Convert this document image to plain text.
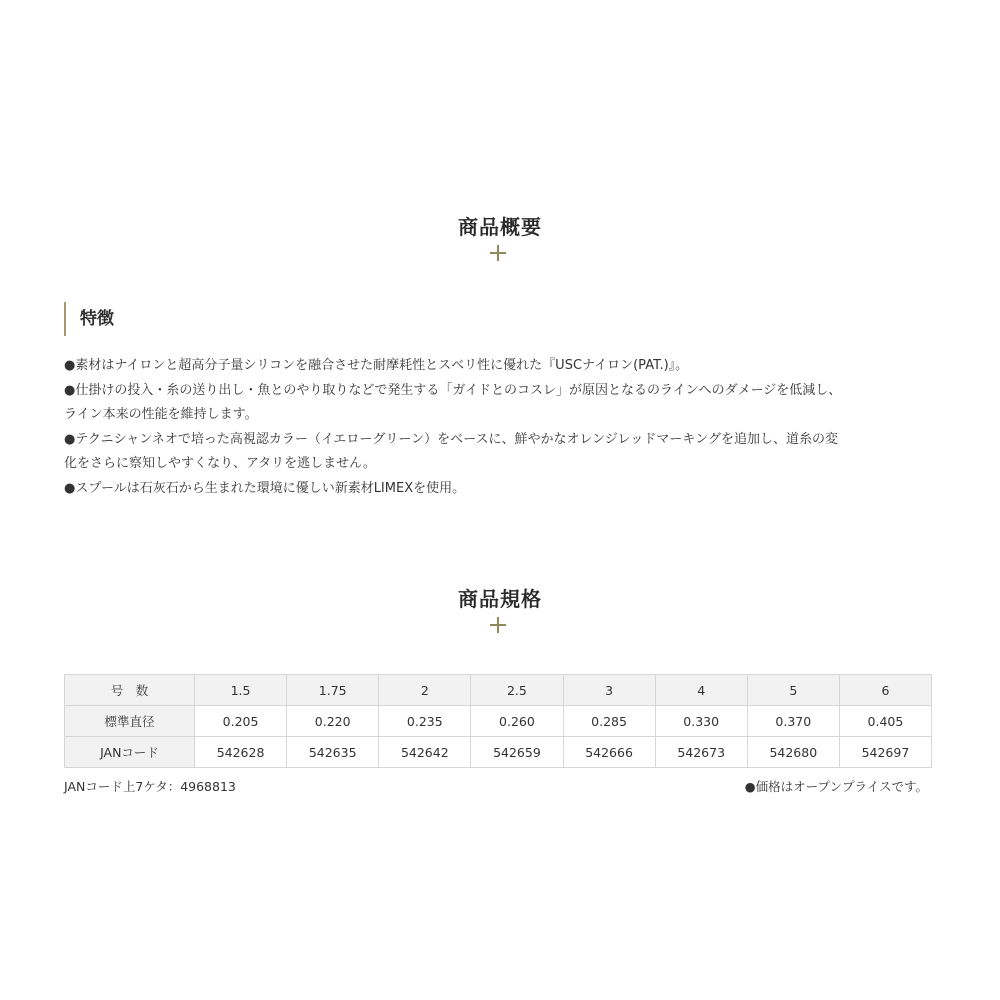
商品概要
特徴

●素材はナイロンと超高分子量シリコンを融合させた耐摩耗性とスベリ性に優れた『USCナイロン(PAT.)』。

●仕掛けの投入・糸の送り出し・魚とのやり取りなどで発生する「ガイドとのコスレ」が原因となるのラインへのダメージを低減し、
ライン本来の性能を維持します。

●テクニシャンネオで培った高視認カラー（イエローグリーン）をベースに、鮮やかなオレンジレッドマーキングを追加し、道糸の変
化をさらに察知しやすくなり、アタリを逃しません。

●スプールは石灰石から生まれた環境に優しい新素材LIMEXを使用。

商品規格
号　数	1.5	1.75	2	2.5	3	4	5	6
標準直径	0.205	0.220	0.235	0.260	0.285	0.330	0.370	0.405
JANコード	542628	542635	542642	542659	542666	542673	542680	542697
JANコード上7ケタ：4968813	●価格はオープンプライスです。
